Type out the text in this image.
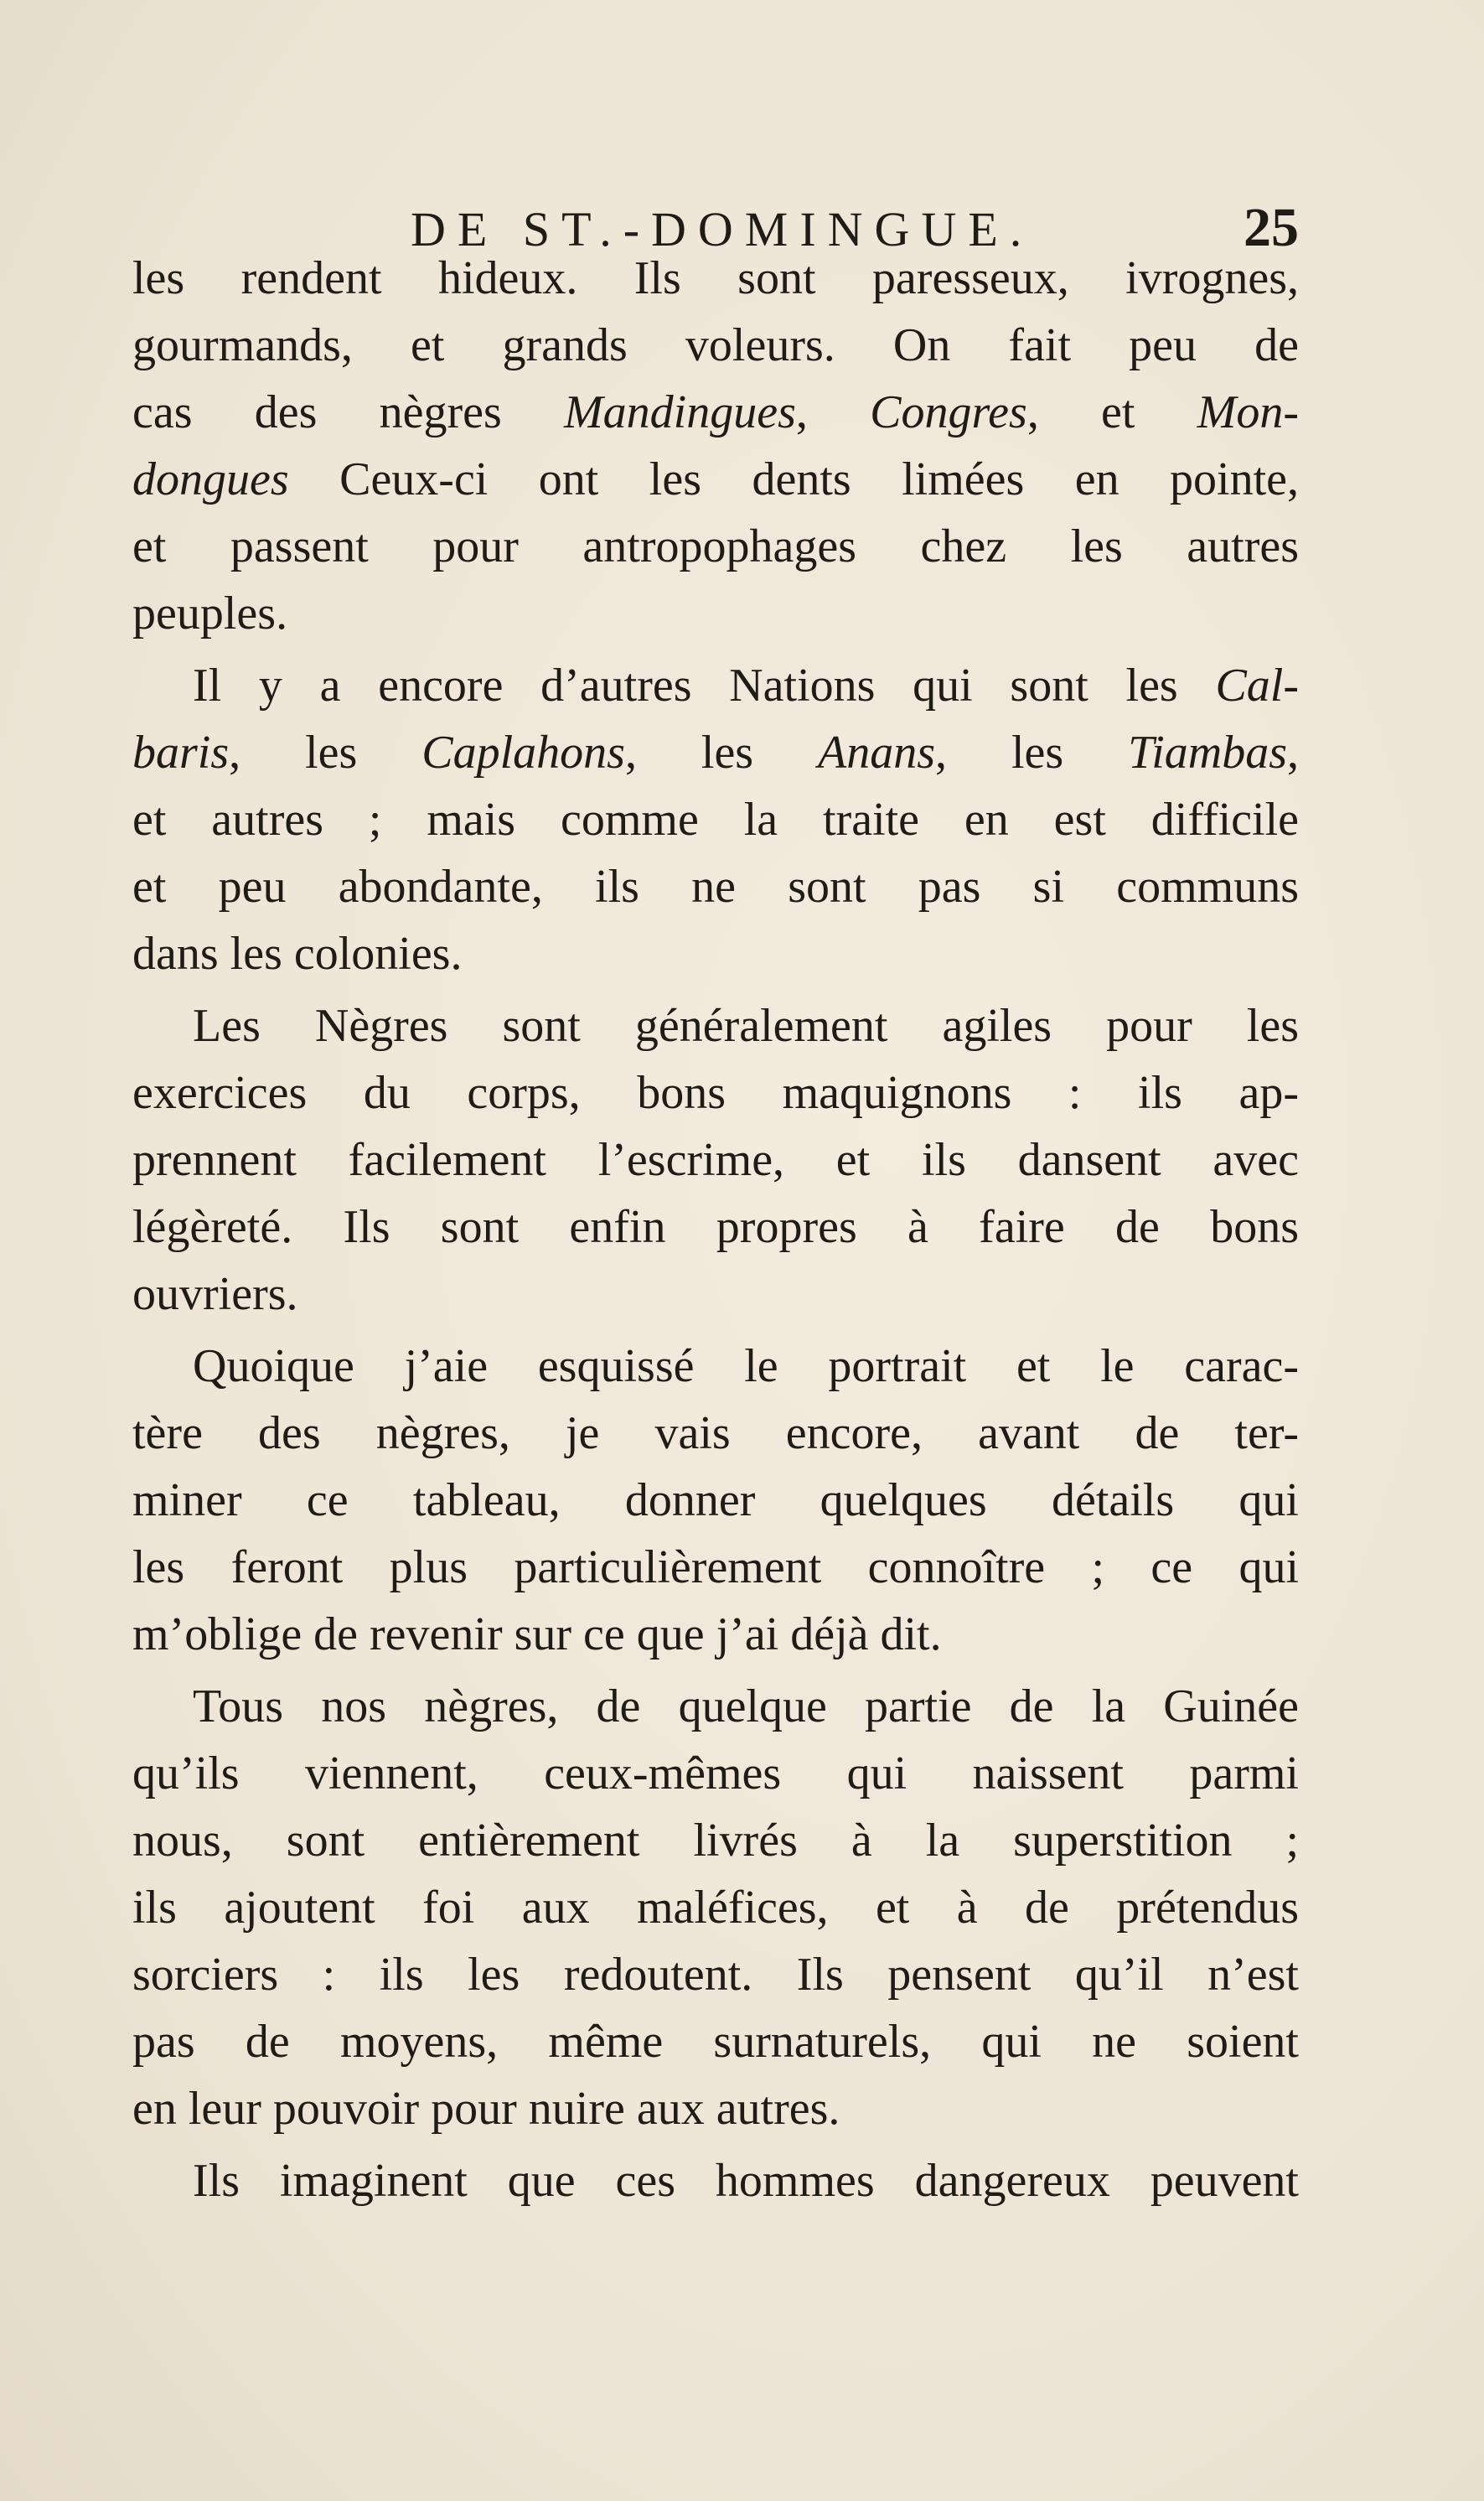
DE ST.-DOMINGUE.	25
les rendent hideux. Ils sont paresseux, ivrognes,
gourmands, et grands voleurs. On fait peu de
cas des nègres Mandingues, Congres, et Mon-
dongues Ceux-ci ont les dents limées en pointe,
et passent pour antropophages chez les autres
peuples.
Il y a encore d’autres Nations qui sont les Cal-
baris, les Caplahons, les Anans, les Tiambas,
et autres ; mais comme la traite en est difficile
et peu abondante, ils ne sont pas si communs
dans les colonies.
Les Nègres sont généralement agiles pour les
exercices du corps, bons maquignons : ils ap-
prennent facilement l’escrime, et ils dansent avec
légèreté. Ils sont enfin propres à faire de bons
ouvriers.
Quoique j’aie esquissé le portrait et le carac-
tère des nègres, je vais encore, avant de ter-
miner ce tableau, donner quelques détails qui
les feront plus particulièrement connoître ; ce qui
m’oblige de revenir sur ce que j’ai déjà dit.
Tous nos nègres, de quelque partie de la Guinée
qu’ils viennent, ceux-mêmes qui naissent parmi
nous, sont entièrement livrés à la superstition ;
ils ajoutent foi aux maléfices, et à de prétendus
sorciers : ils les redoutent. Ils pensent qu’il n’est
pas de moyens, même surnaturels, qui ne soient
en leur pouvoir pour nuire aux autres.
Ils imaginent que ces hommes dangereux peuvent
